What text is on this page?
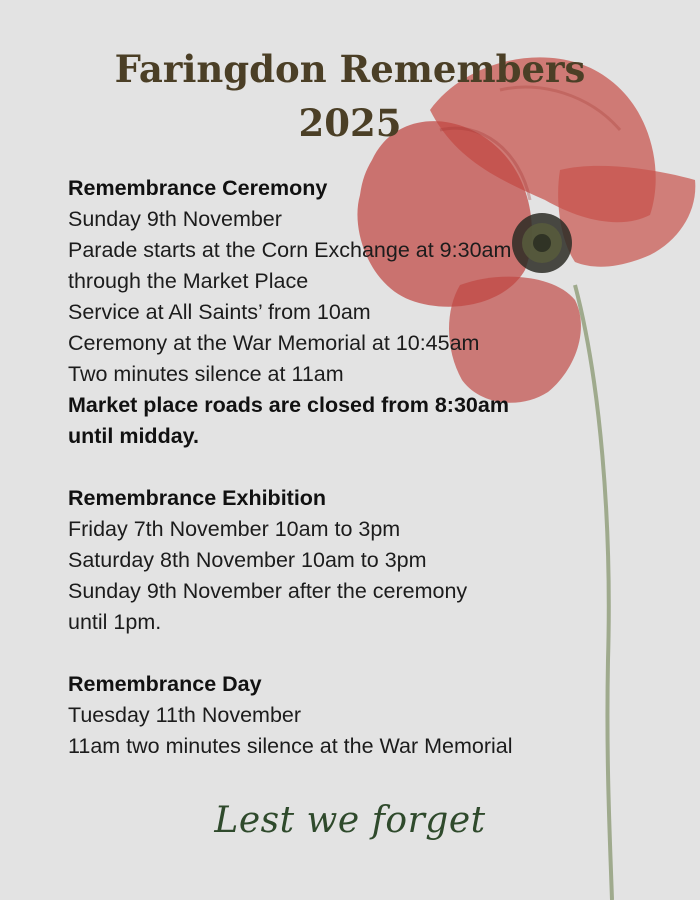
Faringdon Remembers
2025
Remembrance Ceremony
Sunday 9th November
Parade starts at the Corn Exchange at 9:30am
through the Market Place
Service at All Saints’ from 10am
Ceremony at the War Memorial at 10:45am
Two minutes silence at 11am
Market place roads are closed from 8:30am
until midday.
Remembrance Exhibition
Friday 7th November 10am to 3pm
Saturday 8th November 10am to 3pm
Sunday 9th November after the ceremony
until 1pm.
Remembrance Day
Tuesday 11th November
11am two minutes silence at the War Memorial
Lest we forget
